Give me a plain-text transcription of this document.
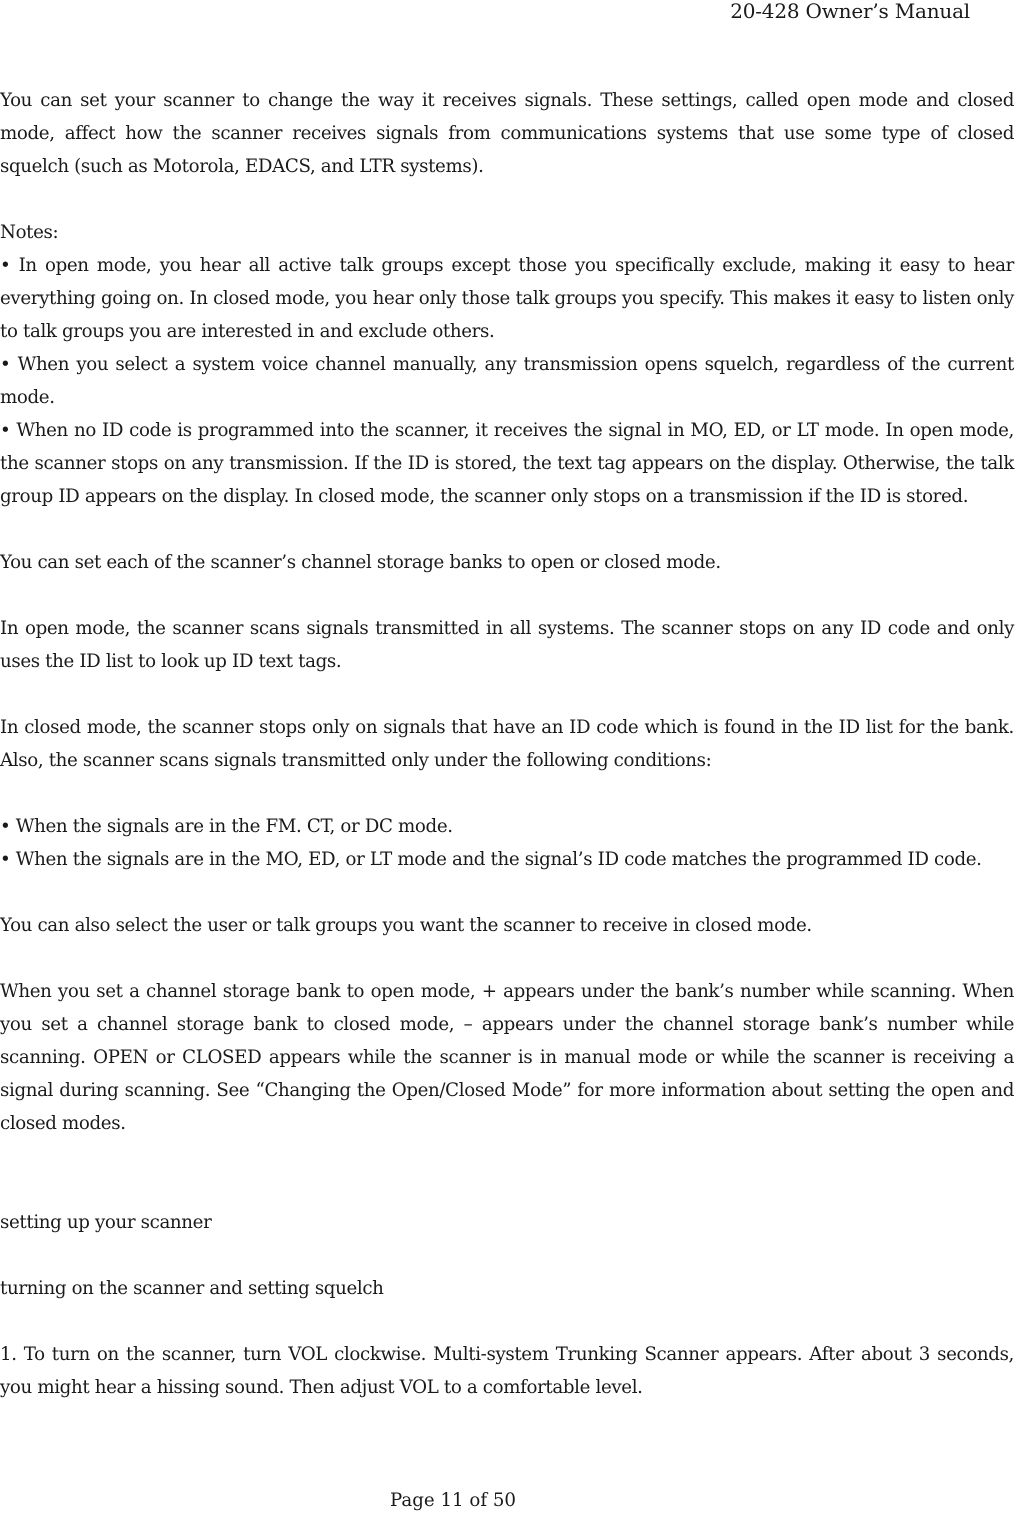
20-428 Owner’s Manual

You can set your scanner to change the way it receives signals. These settings, called open mode and closed mode, affect how the scanner receives signals from communications systems that use some type of closed squelch (such as Motorola, EDACS, and LTR systems).

Notes:

• In open mode, you hear all active talk groups except those you specifically exclude, making it easy to hear everything going on. In closed mode, you hear only those talk groups you specify. This makes it easy to listen only to talk groups you are interested in and exclude others.

• When you select a system voice channel manually, any transmission opens squelch, regardless of the current mode.

• When no ID code is programmed into the scanner, it receives the signal in MO, ED, or LT mode. In open mode, the scanner stops on any transmission. If the ID is stored, the text tag appears on the display. Otherwise, the talk group ID appears on the display. In closed mode, the scanner only stops on a transmission if the ID is stored.

You can set each of the scanner’s channel storage banks to open or closed mode.

In open mode, the scanner scans signals transmitted in all systems. The scanner stops on any ID code and only uses the ID list to look up ID text tags.

In closed mode, the scanner stops only on signals that have an ID code which is found in the ID list for the bank. Also, the scanner scans signals transmitted only under the following conditions:

• When the signals are in the FM. CT, or DC mode.

• When the signals are in the MO, ED, or LT mode and the signal’s ID code matches the programmed ID code.

You can also select the user or talk groups you want the scanner to receive in closed mode.

When you set a channel storage bank to open mode, + appears under the bank’s number while scanning. When you set a channel storage bank to closed mode, – appears under the channel storage bank’s number while scanning. OPEN or CLOSED appears while the scanner is in manual mode or while the scanner is receiving a signal during scanning. See “Changing the Open/Closed Mode” for more information about setting the open and closed modes.

setting up your scanner

turning on the scanner and setting squelch

1. To turn on the scanner, turn VOL clockwise. Multi-system Trunking Scanner appears. After about 3 seconds, you might hear a hissing sound. Then adjust VOL to a comfortable level.

Page 11 of 50
